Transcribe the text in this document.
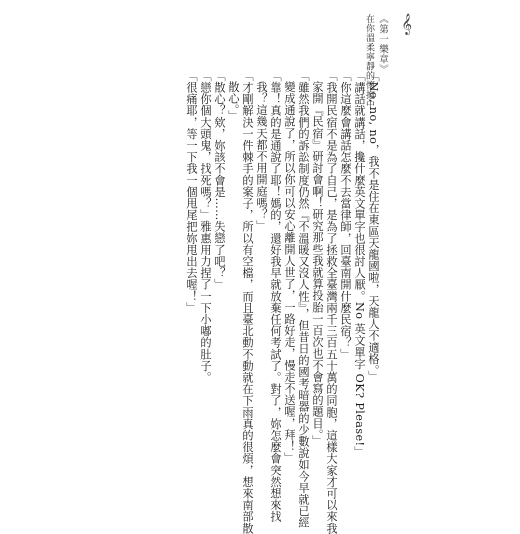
《第一樂章》
在你溫柔寧靜的懷抱中 𝄞
「No, no, no，我不是住在東區天龍國啦，天龍人不適格。」
「講話就講話，攙什麼英文單字也很討人厭。No 英文單字 OK? Please!」
「你這麼會講話怎麼不去當律師，回臺南開什麼民宿？」
「我開民宿不是為了自己，是為了拯救全臺灣兩千三百五十萬的同胞，這樣大家才可以來我
家開『民宿』研討會啊！研究那些我就算投胎一百次也不會寫的題目。」
「雖然我們的訴訟制度仍然『不溫暖又沒人性』，但昔日的國考暗器的少數說如今早就已經
變成通說了，所以你可以安心離開人世了，一路好走，慢走不送喔，拜！」
「靠！真的是通說了耶！媽的，還好我早就放棄任何考試了。對了，妳怎麼會突然想來找
我？這幾天都不用開庭嗎？」
「才剛解決一件棘手的案子，所以有空檔，而且臺北動不動就在下雨真的很煩，想來南部散
散心。」
「散心？欸，妳該不會是……失戀了吧？」
「戀你個大頭鬼，找死嗎？」雅惠用力捏了一下小嘟的肚子。
「很痛耶，等一下我一個甩尾把妳甩出去喔！」
